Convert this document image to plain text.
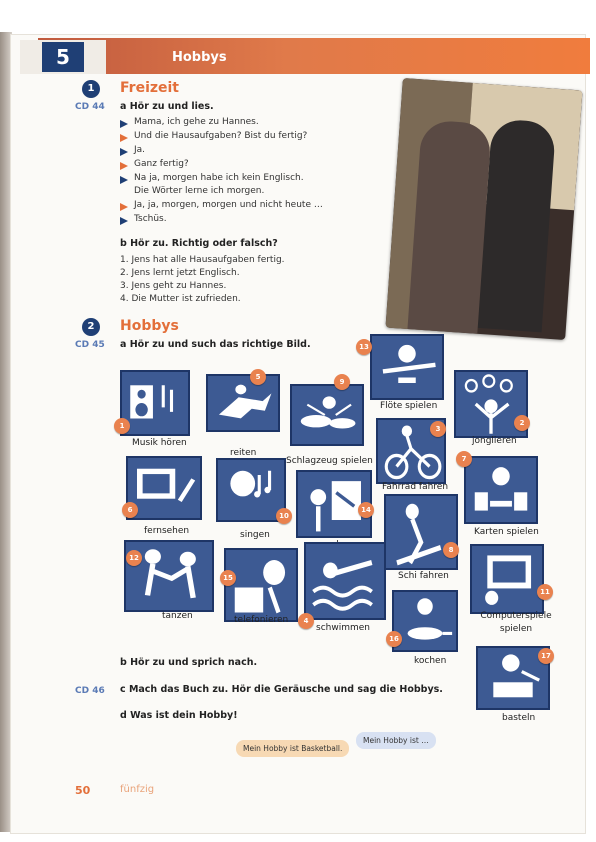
5	Hobbys
1
CD 44
Freizeit
a Hör zu und lies.
Mama, ich gehe zu Hannes.
Und die Hausaufgaben? Bist du fertig?
Ja.
Ganz fertig?
Na ja, morgen habe ich kein Englisch.
Die Wörter lerne ich morgen.
Ja, ja, morgen, morgen und nicht heute …
Tschüs.
b Hör zu. Richtig oder falsch?
1. Jens hat alle Hausaufgaben fertig.
2. Jens lernt jetzt Englisch.
3. Jens geht zu Hannes.
4. Die Mutter ist zufrieden.
2
CD 45
Hobbys
a Hör zu und such das richtige Bild.
Musik hören
1
reiten
5
Schlagzeug spielen
9
Flöte spielen
13
jonglieren
2
Fahrrad fahren
3
fernsehen
6
singen
10
14
Karten spielen
7
Schi fahren
8
tanzen
12
telefonieren
15
schwimmen
4	Computerspiele spielen
11
kochen
16
basteln
17
b Hör zu und sprich nach.
CD 46 c Mach das Buch zu. Hör die Geräusche und sag die Hobbys.
d Was ist dein Hobby!
Mein Hobby ist Basketball.
Mein Hobby ist …
50	fünfzig
